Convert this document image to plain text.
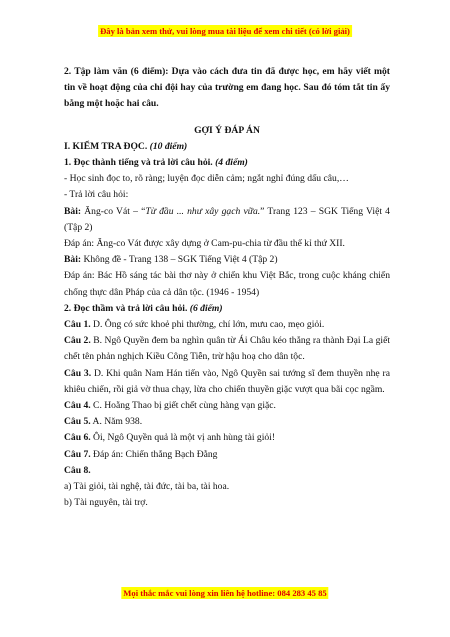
Đây là bản xem thử, vui lòng mua tài liệu để xem chi tiết (có lời giải)

2. Tập làm văn (6 điểm): Dựa vào cách đưa tin đã được học, em hãy viết một tin về hoạt động của chi đội hay của trường em đang học. Sau đó tóm tắt tin ấy bằng một hoặc hai câu.

GỢI Ý ĐÁP ÁN

I. KIỂM TRA ĐỌC. (10 điểm)

1. Đọc thành tiếng và trả lời câu hỏi. (4 điểm)

- Học sinh đọc to, rõ ràng; luyện đọc diễn cảm; ngắt nghỉ đúng dấu câu,…

- Trả lời câu hỏi:

Bài: Ăng-co Vát – “Từ đầu ... như xây gạch vữa.” Trang 123 – SGK Tiếng Việt 4 (Tập 2)

Đáp án: Ăng-co Vát được xây dựng ở Cam-pu-chia từ đầu thế kỉ thứ XII.

Bài: Không đề - Trang 138 – SGK Tiếng Việt 4 (Tập 2)

Đáp án: Bác Hồ sáng tác bài thơ này ở chiến khu Việt Bắc, trong cuộc kháng chiến chống thực dân Pháp của cả dân tộc. (1946 - 1954)

2. Đọc thầm và trả lời câu hỏi. (6 điểm)

Câu 1. D. Ông có sức khoẻ phi thường, chí lớn, mưu cao, mẹo giỏi.

Câu 2. B. Ngô Quyền đem ba nghìn quân từ Ái Châu kéo thẳng ra thành Đại La giết chết tên phản nghịch Kiều Công Tiễn, trừ hậu hoạ cho dân tộc.

Câu 3. D. Khi quân Nam Hán tiến vào, Ngô Quyền sai tướng sĩ đem thuyền nhẹ ra khiêu chiến, rồi giả vờ thua chạy, lừa cho chiến thuyền giặc vượt qua bãi cọc ngầm.

Câu 4. C. Hoằng Thao bị giết chết cùng hàng vạn giặc.

Câu 5. A. Năm 938.

Câu 6. Ôi, Ngô Quyền quả là một vị anh hùng tài giỏi!

Câu 7. Đáp án: Chiến thắng Bạch Đằng

Câu 8.

a) Tài giỏi, tài nghệ, tài đức, tài ba, tài hoa.

b) Tài nguyên, tài trợ.

Mọi thắc mắc vui lòng xin liên hệ hotline: 084 283 45 85
